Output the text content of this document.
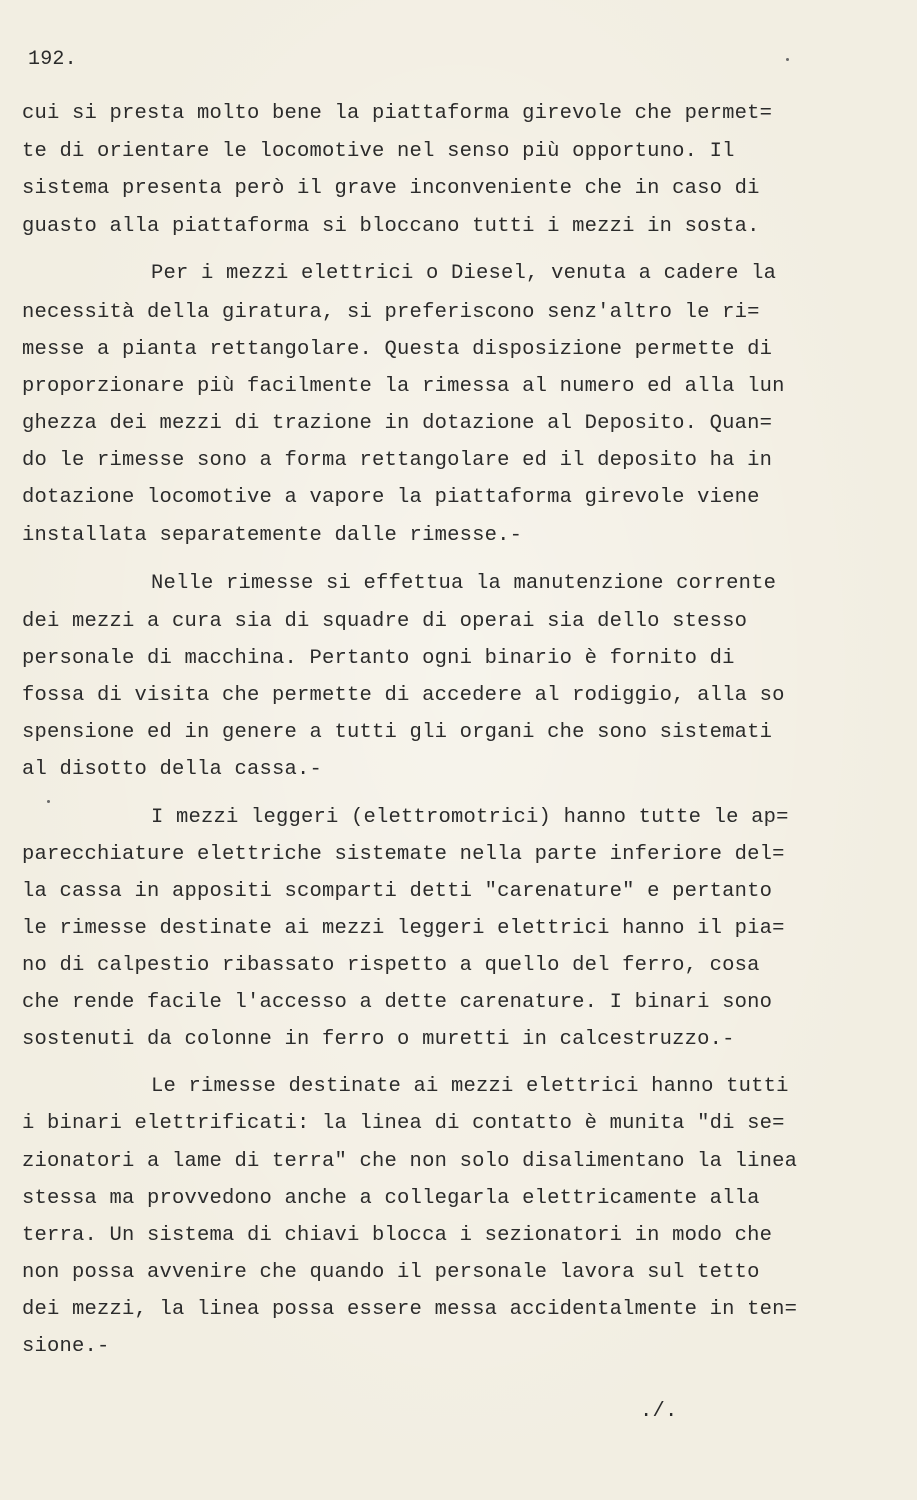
192.
cui si presta molto bene la piattaforma girevole che permet=
te di orientare le locomotive nel senso più opportuno. Il
sistema presenta però il grave inconveniente che in caso di
guasto alla piattaforma si bloccano tutti i mezzi in sosta.
Per i mezzi elettrici o Diesel, venuta a cadere la
necessità della giratura, si preferiscono senz'altro le ri=
messe a pianta rettangolare. Questa disposizione permette di
proporzionare più facilmente la rimessa al numero ed alla lun
ghezza dei mezzi di trazione in dotazione al Deposito. Quan=
do le rimesse sono a forma rettangolare ed il deposito ha in
dotazione locomotive a vapore la piattaforma girevole viene
installata separatemente dalle rimesse.-
Nelle rimesse si effettua la manutenzione corrente
dei mezzi a cura sia di squadre di operai sia dello stesso
personale di macchina. Pertanto ogni binario è fornito di
fossa di visita che permette di accedere al rodiggio, alla so
spensione ed in genere a tutti gli organi che sono sistemati
al disotto della cassa.-
I mezzi leggeri (elettromotrici) hanno tutte le ap=
parecchiature elettriche sistemate nella parte inferiore del=
la cassa in appositi scomparti detti "carenature" e pertanto
le rimesse destinate ai mezzi leggeri elettrici hanno il pia=
no di calpestio ribassato rispetto a quello del ferro, cosa
che rende facile l'accesso a dette carenature. I binari sono
sostenuti da colonne in ferro o muretti in calcestruzzo.-
Le rimesse destinate ai mezzi elettrici hanno tutti
i binari elettrificati: la linea di contatto è munita "di se=
zionatori a lame di terra" che non solo disalimentano la linea
stessa ma provvedono anche a collegarla elettricamente alla
terra. Un sistema di chiavi blocca i sezionatori in modo che
non possa avvenire che quando il personale lavora sul tetto
dei mezzi, la linea possa essere messa accidentalmente in ten=
sione.-
./.
